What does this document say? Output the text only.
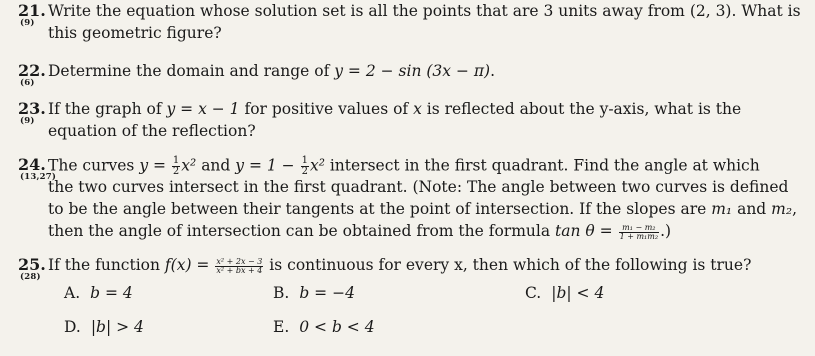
21.
(9)
Write the equation whose solution set is all the points that are 3 units away from (2, 3). What is
this geometric figure?
22.
(6)
Determine the domain and range of y = 2 − sin (3x − π).
23.
(9)
If the graph of y = x − 1 for positive values of x is reflected about the y-axis, what is the
equation of the reflection?
24.
(13,27)
The curves $y = \frac{1}{2} x^2$ and $y = 1 - \frac{1}{2} x^2$ intersect in the first quadrant. Find the angle at which
the two curves intersect in the first quadrant. (Note: The angle between two curves is defined
to be the angle between their tangents at the point of intersection. If the slopes are m₁ and m₂,
then the angle of intersection can be obtained from the formula $\tan \theta = \frac{\text{m₁ − m₂}}{\text{1 + m₁m₂}}$ .)
25.
(28)
If the function $f(x) = \frac{\text{x² + 2x − 3}}{\text{x² + bx + 4}}$ is continuous for every x, then which of the following is true?
A. b = 4	B. b = −4	C. |b| < 4
D. |b| > 4	E. 0 < b < 4
